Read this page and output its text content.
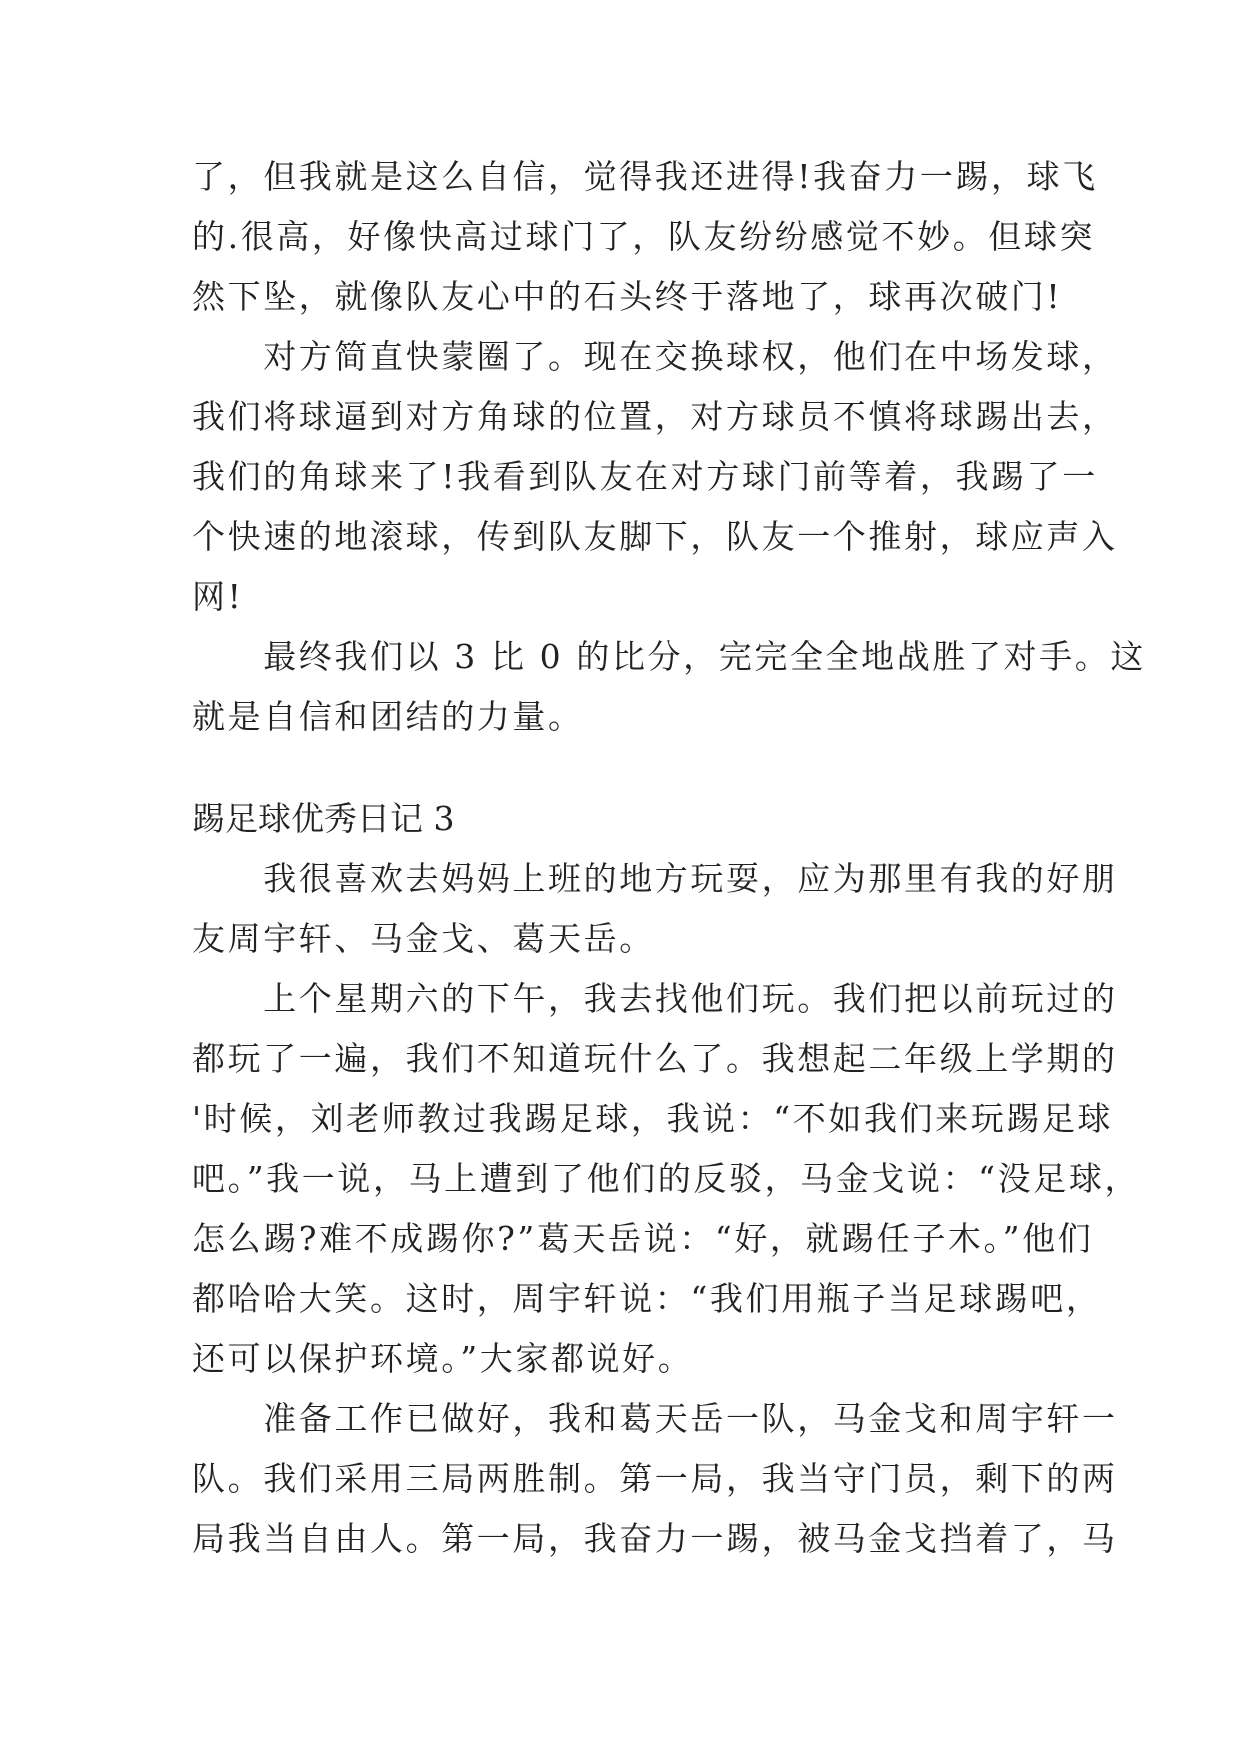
了，但我就是这么自信，觉得我还进得!我奋力一踢，球飞

的.很高，好像快高过球门了，队友纷纷感觉不妙。但球突

然下坠，就像队友心中的石头终于落地了，球再次破门!

　　对方简直快蒙圈了。现在交换球权，他们在中场发球，

我们将球逼到对方角球的位置，对方球员不慎将球踢出去，

我们的角球来了!我看到队友在对方球门前等着，我踢了一

个快速的地滚球，传到队友脚下，队友一个推射，球应声入

网!

　　最终我们以 3 比 0 的比分，完完全全地战胜了对手。这

就是自信和团结的力量。

踢足球优秀日记 3

　　我很喜欢去妈妈上班的地方玩耍，应为那里有我的好朋

友周宇轩、马金戈、葛天岳。

　　上个星期六的下午，我去找他们玩。我们把以前玩过的

都玩了一遍，我们不知道玩什么了。我想起二年级上学期的

'时候，刘老师教过我踢足球，我说：“不如我们来玩踢足球

吧。”我一说，马上遭到了他们的反驳，马金戈说：“没足球，

怎么踢?难不成踢你?”葛天岳说：“好，就踢任子木。”他们

都哈哈大笑。这时，周宇轩说：“我们用瓶子当足球踢吧，

还可以保护环境。”大家都说好。

　　准备工作已做好，我和葛天岳一队，马金戈和周宇轩一

队。我们采用三局两胜制。第一局，我当守门员，剩下的两

局我当自由人。第一局，我奋力一踢，被马金戈挡着了，马
